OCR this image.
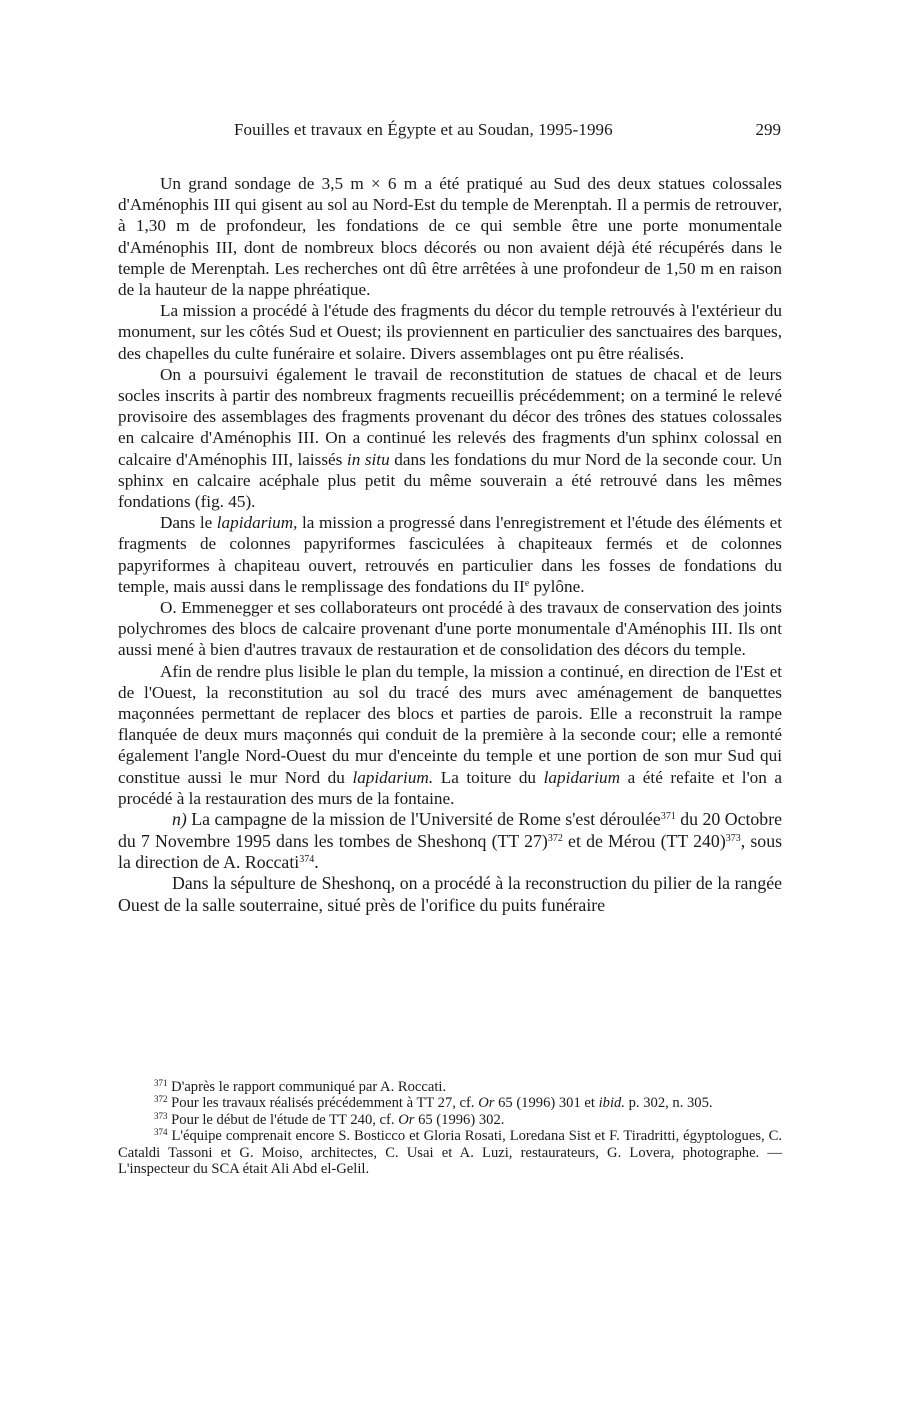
Fouilles et travaux en Égypte et au Soudan, 1995-1996	299

Un grand sondage de 3,5 m × 6 m a été pratiqué au Sud des deux statues colossales d'Aménophis III qui gisent au sol au Nord-Est du temple de Merenptah. Il a permis de retrouver, à 1,30 m de profondeur, les fondations de ce qui semble être une porte monumentale d'Aménophis III, dont de nombreux blocs décorés ou non avaient déjà été récupérés dans le temple de Merenptah. Les recherches ont dû être arrêtées à une profondeur de 1,50 m en raison de la hauteur de la nappe phréatique.

La mission a procédé à l'étude des fragments du décor du temple retrouvés à l'extérieur du monument, sur les côtés Sud et Ouest; ils proviennent en particulier des sanctuaires des barques, des chapelles du culte funéraire et solaire. Divers assemblages ont pu être réalisés.

On a poursuivi également le travail de reconstitution de statues de chacal et de leurs socles inscrits à partir des nombreux fragments recueillis précédemment; on a terminé le relevé provisoire des assemblages des fragments provenant du décor des trônes des statues colossales en calcaire d'Aménophis III. On a continué les relevés des fragments d'un sphinx colossal en calcaire d'Aménophis III, laissés in situ dans les fondations du mur Nord de la seconde cour. Un sphinx en calcaire acéphale plus petit du même souverain a été retrouvé dans les mêmes fondations (fig. 45).

Dans le lapidarium, la mission a progressé dans l'enregistrement et l'étude des éléments et fragments de colonnes papyriformes fasciculées à chapiteaux fermés et de colonnes papyriformes à chapiteau ouvert, retrouvés en particulier dans les fosses de fondations du temple, mais aussi dans le remplissage des fondations du IIe pylône.

O. Emmenegger et ses collaborateurs ont procédé à des travaux de conservation des joints polychromes des blocs de calcaire provenant d'une porte monumentale d'Aménophis III. Ils ont aussi mené à bien d'autres travaux de restauration et de consolidation des décors du temple.

Afin de rendre plus lisible le plan du temple, la mission a continué, en direction de l'Est et de l'Ouest, la reconstitution au sol du tracé des murs avec aménagement de banquettes maçonnées permettant de replacer des blocs et parties de parois. Elle a reconstruit la rampe flanquée de deux murs maçonnés qui conduit de la première à la seconde cour; elle a remonté également l'angle Nord-Ouest du mur d'enceinte du temple et une portion de son mur Sud qui constitue aussi le mur Nord du lapidarium. La toiture du lapidarium a été refaite et l'on a procédé à la restauration des murs de la fontaine.

n) La campagne de la mission de l'Université de Rome s'est déroulée$^{371}$ du 20 Octobre du 7 Novembre 1995 dans les tombes de Sheshonq (TT 27)$^{372}$ et de Mérou (TT 240)$^{373}$, sous la direction de A. Roccati$^{374}$.

Dans la sépulture de Sheshonq, on a procédé à la reconstruction du pilier de la rangée Ouest de la salle souterraine, situé près de l'orifice du puits funéraire

$^{371}$ D'après le rapport communiqué par A. Roccati.

$^{372}$ Pour les travaux réalisés précédemment à TT 27, cf. Or 65 (1996) 301 et ibid. p. 302, n. 305.

$^{373}$ Pour le début de l'étude de TT 240, cf. Or 65 (1996) 302.

$^{374}$ L'équipe comprenait encore S. Bosticco et Gloria Rosati, Loredana Sist et F. Tiradritti, égyptologues, C. Cataldi Tassoni et G. Moiso, architectes, C. Usai et A. Luzi, restaurateurs, G. Lovera, photographe. — L'inspecteur du SCA était Ali Abd el-Gelil.
